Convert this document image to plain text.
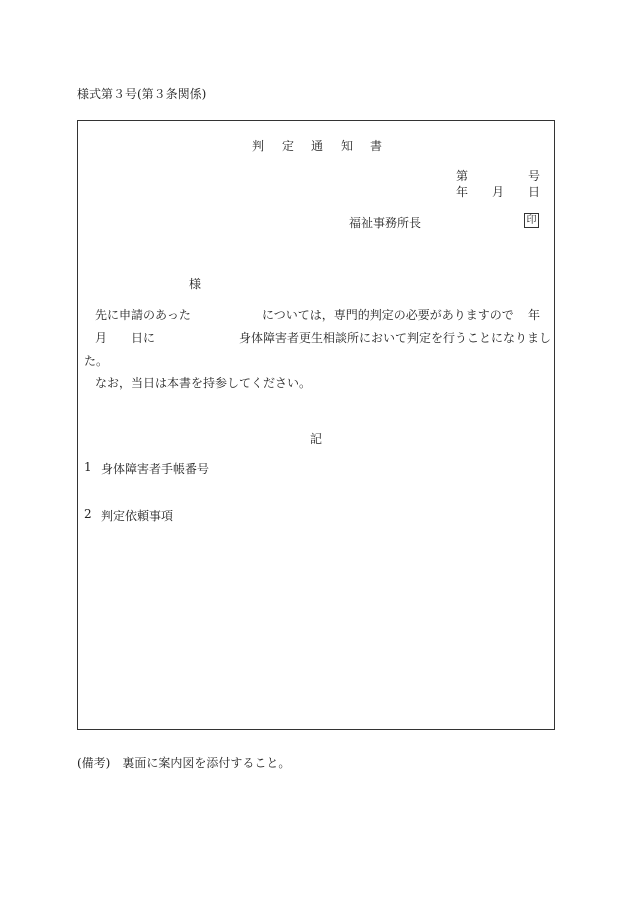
様式第３号(第３条関係)
判 定 通 知 書
第	号
年 月 日
福祉事務所長	印
様
先に申請のあった	については，専門的判定の必要がありますので 年
月 日に	身体障害者更生相談所において判定を行うことになりまし
た。
なお，当日は本書を持参してください。
記
1 身体障害者手帳番号
2 判定依頼事項
(備考)　裏面に案内図を添付すること。
